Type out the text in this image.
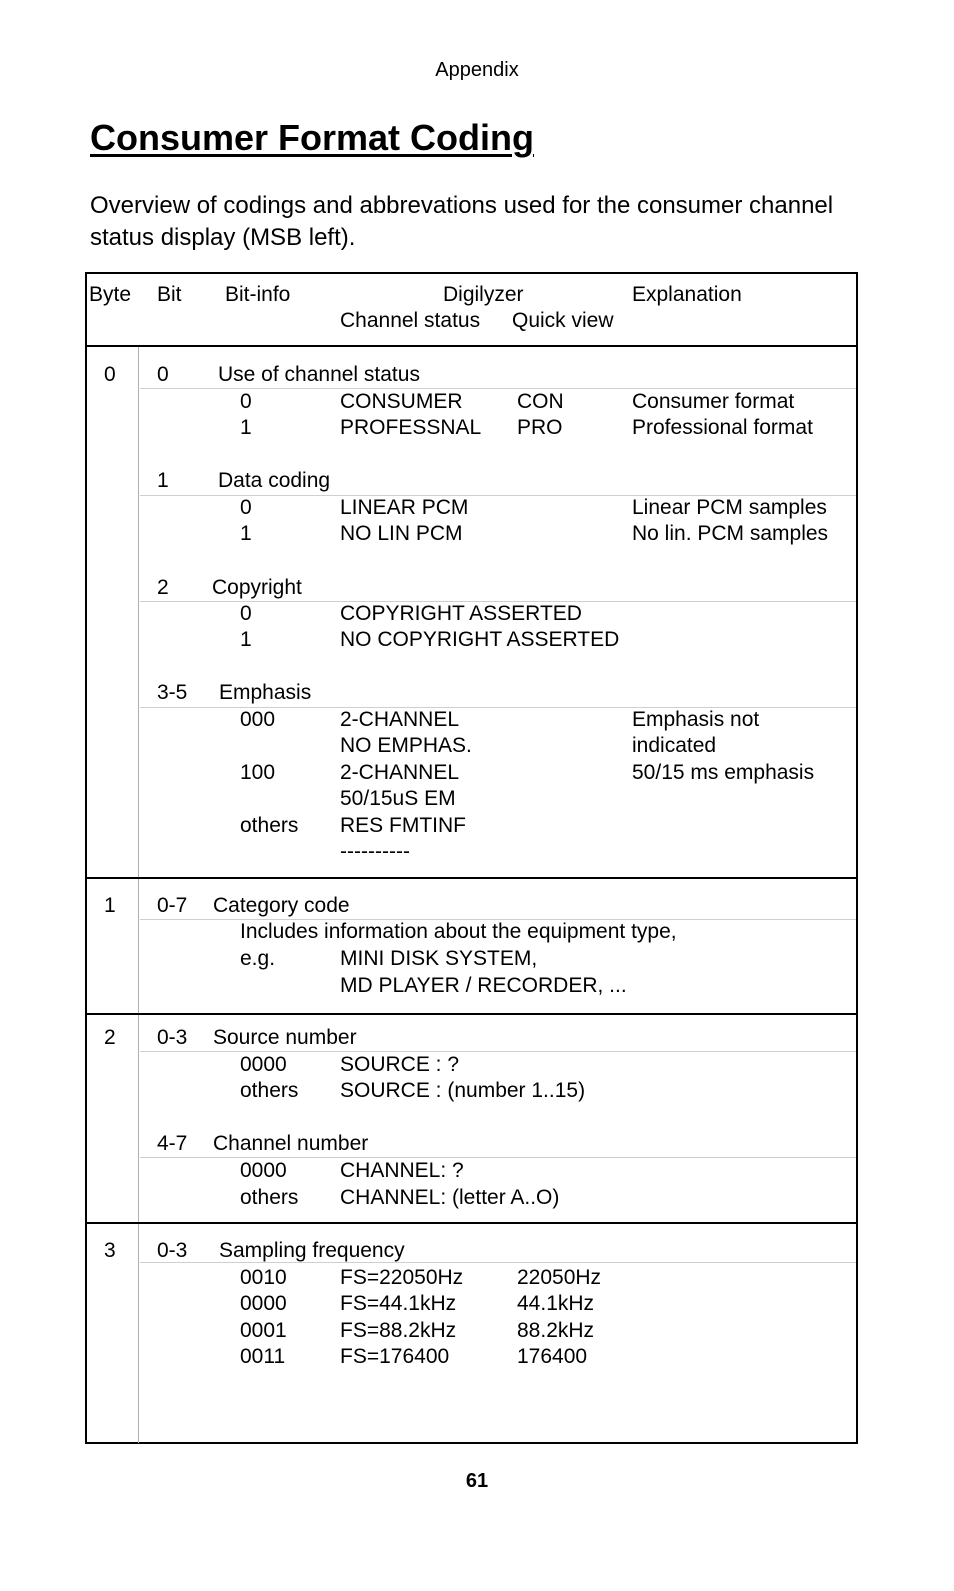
Appendix
Consumer Format Coding

Overview of codings and abbrevations used for the consumer channel status display (MSB left).

Byte Bit Bit-info	Digilyzer	Explanation
Channel status Quick view
0 0 Use of channel status
0	CONSUMER	CON	Consumer format
1	PROFESSNAL PRO	Professional format
1 Data coding
0	LINEAR PCM	Linear PCM samples
1	NO LIN PCM	No lin. PCM samples
2 Copyright
0	COPYRIGHT ASSERTED
1	NO COPYRIGHT ASSERTED
3-5 Emphasis
000	2-CHANNEL	Emphasis not
NO EMPHAS.	indicated
100	2-CHANNEL	50/15 ms emphasis
50/15uS EM
others RES FMTINF
----------
1 0-7 Category code
Includes information about the equipment type,
e.g.	MINI DISK SYSTEM,
MD PLAYER / RECORDER, ...
2 0-3 Source number
0000	SOURCE : ?
others SOURCE : (number 1..15)
4-7 Channel number
0000	CHANNEL: ?
others CHANNEL: (letter A..O)
3 0-3 Sampling frequency
0010	FS=22050Hz	22050Hz
0000	FS=44.1kHz	44.1kHz
0001	FS=88.2kHz	88.2kHz
0011	FS=176400	176400
61
